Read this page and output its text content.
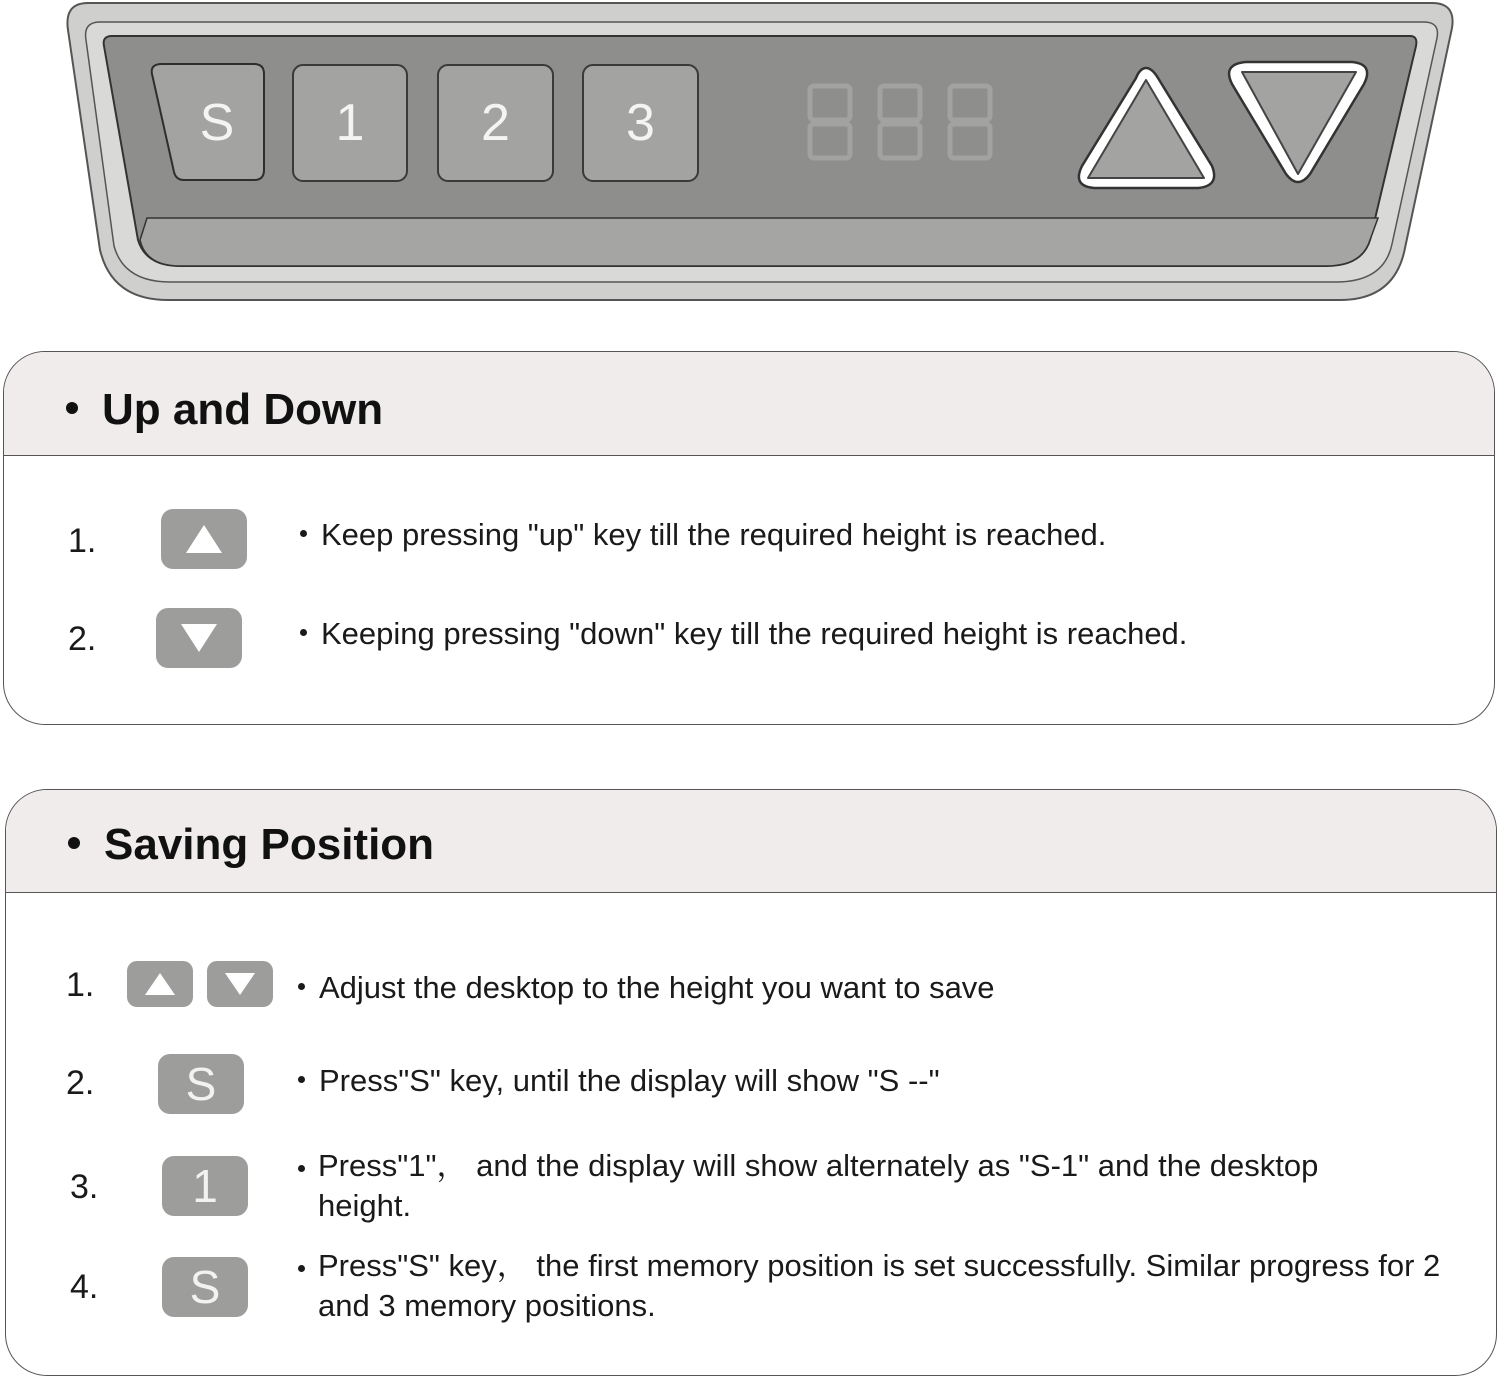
S	1	2	3
Up and Down
1.	Keep pressing "up" key till the required height is reached.
2.	Keeping pressing "down" key till the required height is reached.
Saving Position
1.	Adjust the desktop to the height you want to save
2.	S	Press"S" key, until the display will show "S --"
3.	1	Press"1"， and the display will show alternately as "S-1" and the desktop height.
4.	S	Press"S" key， the first memory position is set successfully. Similar progress for 2 and 3 memory positions.
